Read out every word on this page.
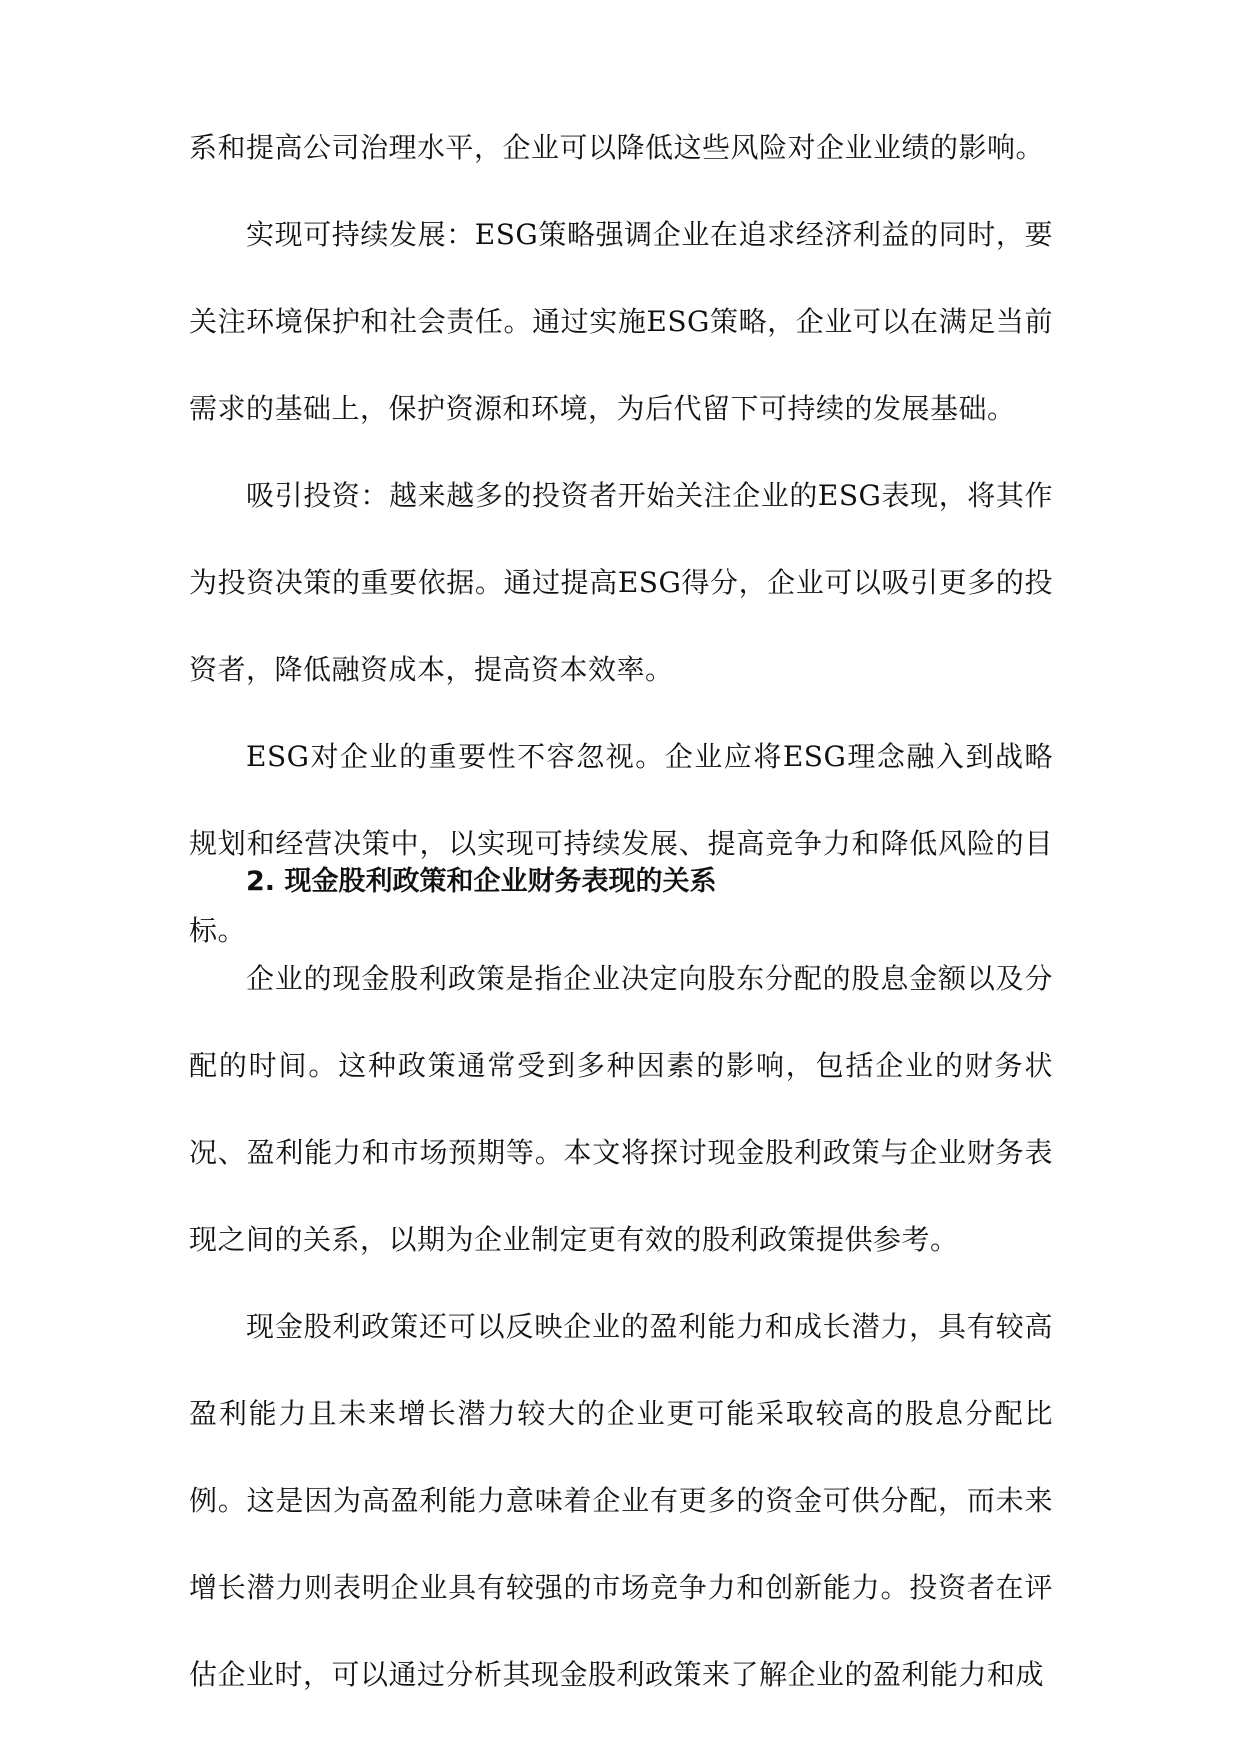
系和提高公司治理水平，企业可以降低这些风险对企业业绩的影响。

实现可持续发展：ESG策略强调企业在追求经济利益的同时，要关注环境保护和社会责任。通过实施ESG策略，企业可以在满足当前需求的基础上，保护资源和环境，为后代留下可持续的发展基础。

吸引投资：越来越多的投资者开始关注企业的ESG表现，将其作为投资决策的重要依据。通过提高ESG得分，企业可以吸引更多的投资者，降低融资成本，提高资本效率。

ESG对企业的重要性不容忽视。企业应将ESG理念融入到战略规划和经营决策中，以实现可持续发展、提高竞争力和降低风险的目标。

2. 现金股利政策和企业财务表现的关系

企业的现金股利政策是指企业决定向股东分配的股息金额以及分配的时间。这种政策通常受到多种因素的影响，包括企业的财务状况、盈利能力和市场预期等。本文将探讨现金股利政策与企业财务表现之间的关系，以期为企业制定更有效的股利政策提供参考。

现金股利政策还可以反映企业的盈利能力和成长潜力，具有较高盈利能力且未来增长潜力较大的企业更可能采取较高的股息分配比例。这是因为高盈利能力意味着企业有更多的资金可供分配，而未来增长潜力则表明企业具有较强的市场竞争力和创新能力。投资者在评估企业时，可以通过分析其现金股利政策来了解企业的盈利能力和成
